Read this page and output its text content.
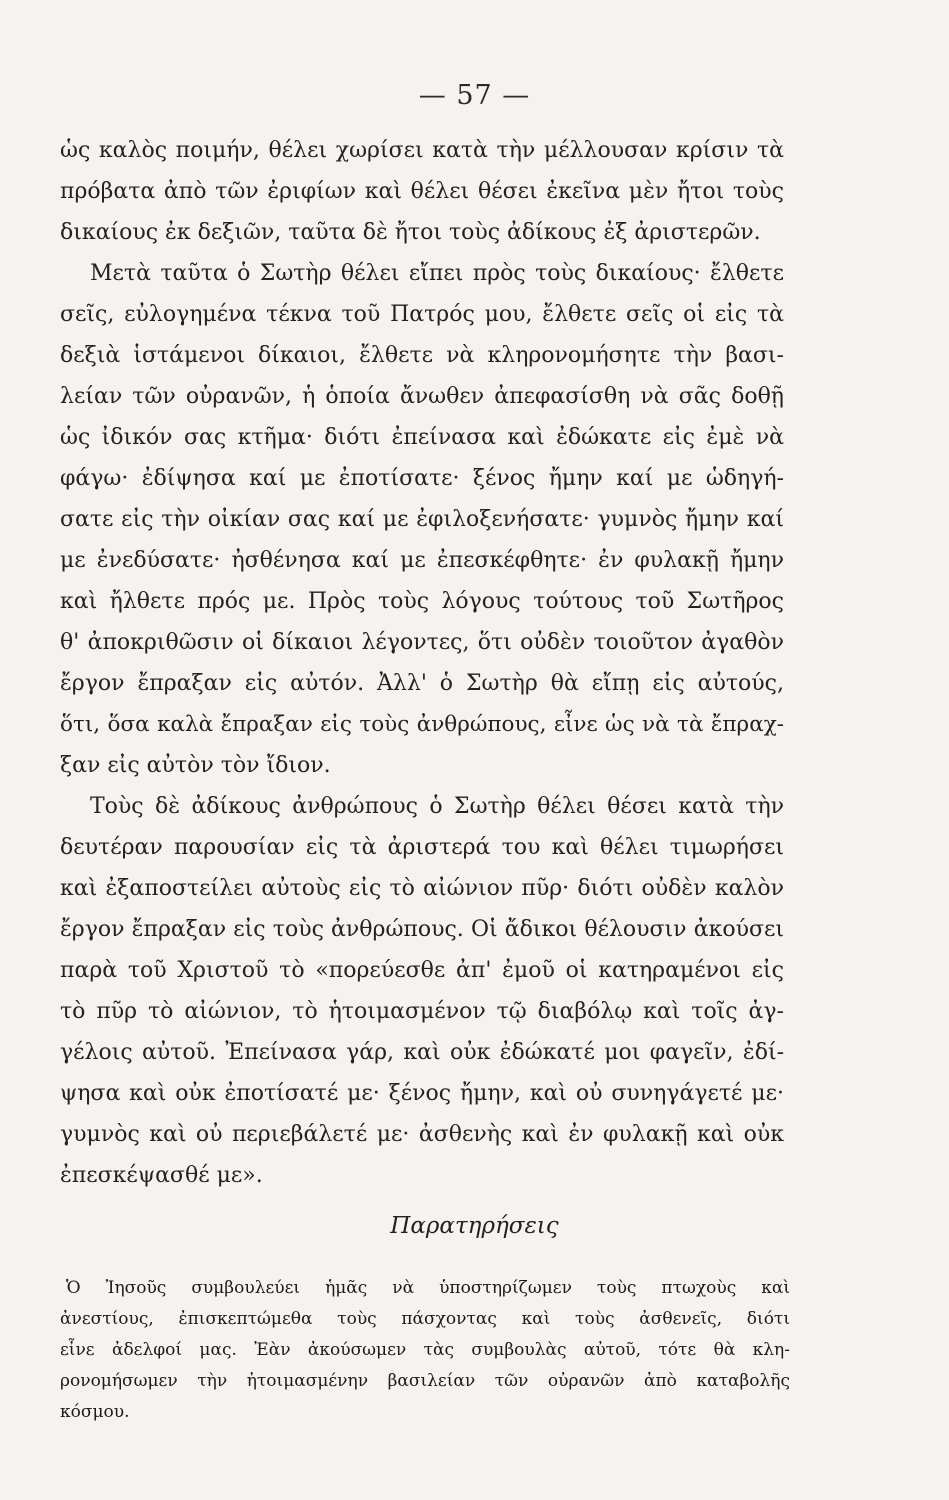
— 57 —
ὡς καλὸς ποιμήν, θέλει χωρίσει κατὰ τὴν μέλλουσαν κρίσιν τὰ
πρόβατα ἀπὸ τῶν ἐριφίων καὶ θέλει θέσει ἐκεῖνα μὲν ἤτοι τοὺς
δικαίους ἐκ δεξιῶν, ταῦτα δὲ ἤτοι τοὺς ἀδίκους ἐξ ἀριστερῶν.
Μετὰ ταῦτα ὁ Σωτὴρ θέλει εἴπει πρὸς τοὺς δικαίους· ἔλθετε
σεῖς, εὐλογημένα τέκνα τοῦ Πατρός μου, ἔλθετε σεῖς οἱ εἰς τὰ
δεξιὰ ἱστάμενοι δίκαιοι, ἔλθετε νὰ κληρονομήσητε τὴν βασι-
λείαν τῶν οὐρανῶν, ἡ ὁποία ἄνωθεν ἀπεφασίσθη νὰ σᾶς δοθῇ
ὡς ἰδικόν σας κτῆμα· διότι ἐπείνασα καὶ ἐδώκατε εἰς ἐμὲ νὰ
φάγω· ἐδίψησα καί με ἐποτίσατε· ξένος ἤμην καί με ὡδηγή-
σατε εἰς τὴν οἰκίαν σας καί με ἐφιλοξενήσατε· γυμνὸς ἤμην καί
με ἐνεδύσατε· ἠσθένησα καί με ἐπεσκέφθητε· ἐν φυλακῇ ἤμην
καὶ ἤλθετε πρός με. Πρὸς τοὺς λόγους τούτους τοῦ Σωτῆρος
θ' ἀποκριθῶσιν οἱ δίκαιοι λέγοντες, ὅτι οὐδὲν τοιοῦτον ἀγαθὸν
ἔργον ἔπραξαν εἰς αὐτόν. Ἀλλ' ὁ Σωτὴρ θὰ εἴπῃ εἰς αὐτούς,
ὅτι, ὅσα καλὰ ἔπραξαν εἰς τοὺς ἀνθρώπους, εἶνε ὡς νὰ τὰ ἔπραχ-
ξαν εἰς αὐτὸν τὸν ἴδιον.
Τοὺς δὲ ἀδίκους ἀνθρώπους ὁ Σωτὴρ θέλει θέσει κατὰ τὴν
δευτέραν παρουσίαν εἰς τὰ ἀριστερά του καὶ θέλει τιμωρήσει
καὶ ἐξαποστείλει αὐτοὺς εἰς τὸ αἰώνιον πῦρ· διότι οὐδὲν καλὸν
ἔργον ἔπραξαν εἰς τοὺς ἀνθρώπους. Οἱ ἄδικοι θέλουσιν ἀκούσει
παρὰ τοῦ Χριστοῦ τὸ «πορεύεσθε ἀπ' ἐμοῦ οἱ κατηραμένοι εἰς
τὸ πῦρ τὸ αἰώνιον, τὸ ἡτοιμασμένον τῷ διαβόλῳ καὶ τοῖς ἀγ-
γέλοις αὐτοῦ. Ἐπείνασα γάρ, καὶ οὐκ ἐδώκατέ μοι φαγεῖν, ἐδί-
ψησα καὶ οὐκ ἐποτίσατέ με· ξένος ἤμην, καὶ οὐ συνηγάγετέ με·
γυμνὸς καὶ οὐ περιεβάλετέ με· ἀσθενὴς καὶ ἐν φυλακῇ καὶ οὐκ
ἐπεσκέψασθέ με».
Παρατηρήσεις
Ὁ Ἰησοῦς συμβουλεύει ἡμᾶς νὰ ὑποστηρίζωμεν τοὺς πτωχοὺς καὶ
ἀνεστίους, ἐπισκεπτώμεθα τοὺς πάσχοντας καὶ τοὺς ἀσθενεῖς, διότι
εἶνε ἀδελφοί μας. Ἐὰν ἀκούσωμεν τὰς συμβουλὰς αὐτοῦ, τότε θὰ κλη-
ρονομήσωμεν τὴν ἡτοιμασμένην βασιλείαν τῶν οὐρανῶν ἀπὸ καταβολῆς
κόσμου.
